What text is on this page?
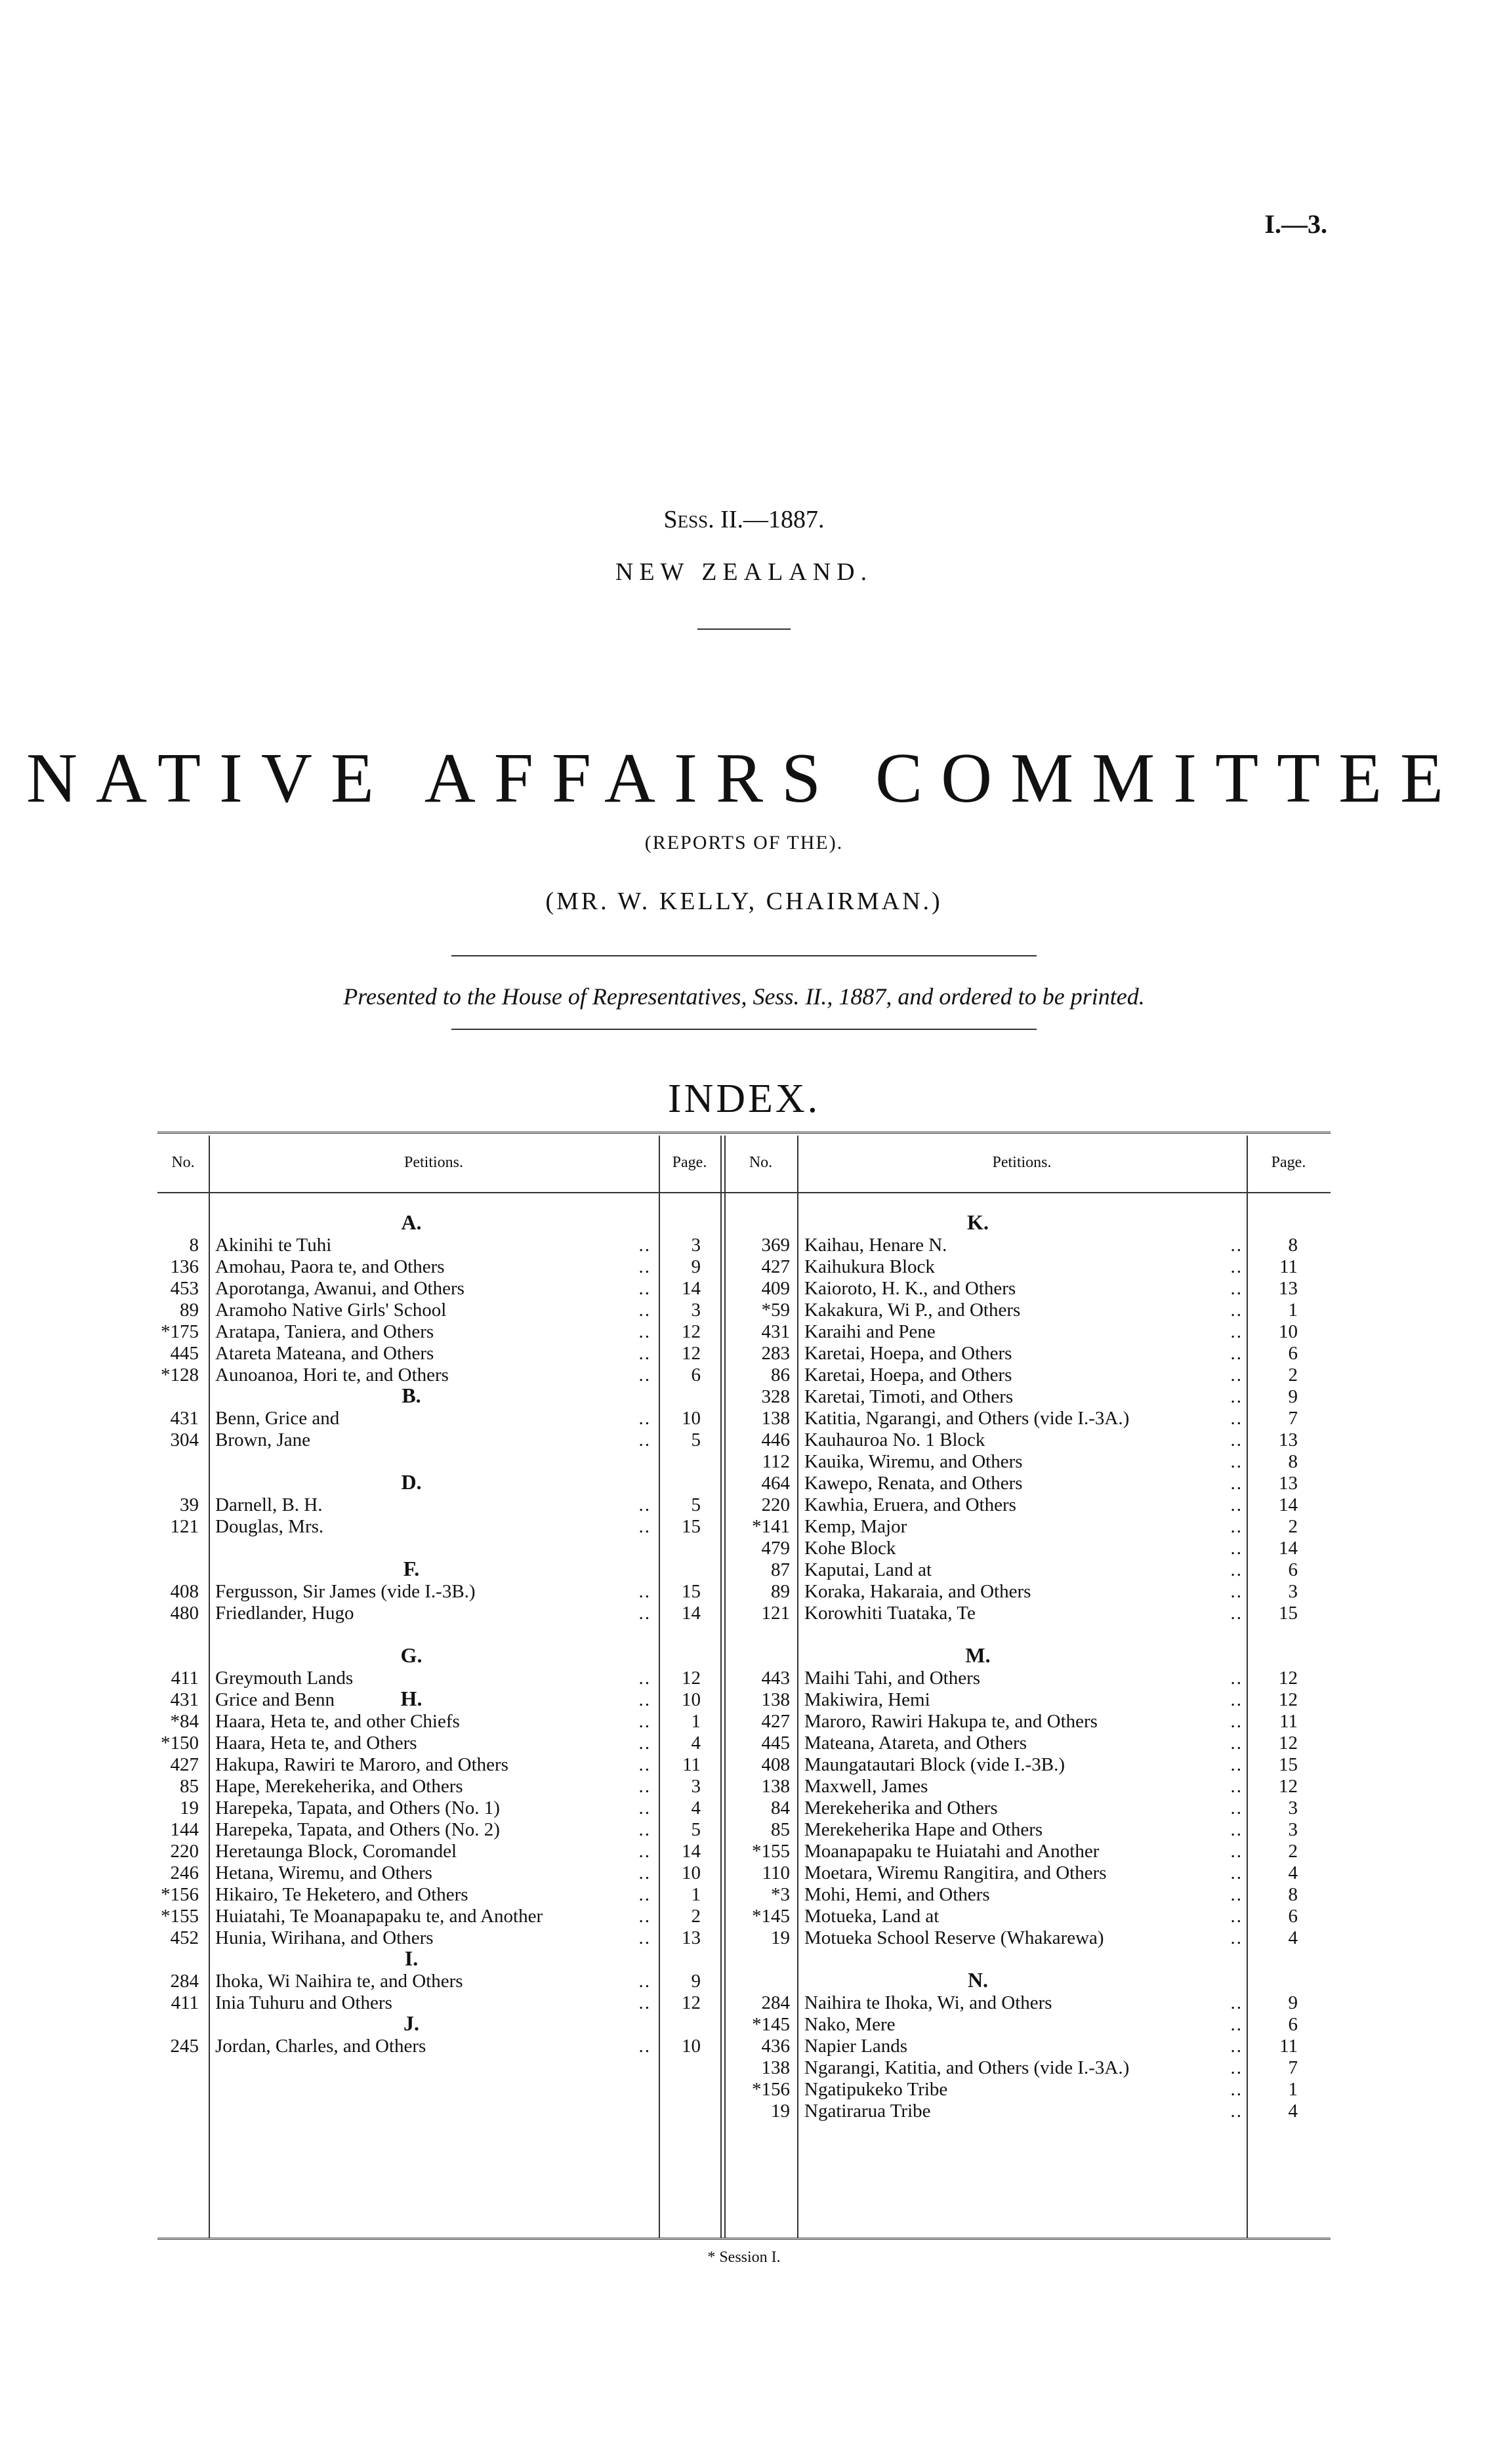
I.—3.
Sess. II.—1887.
NEW ZEALAND.
NATIVE AFFAIRS COMMITTEE
(REPORTS OF THE).
(MR. W. KELLY, CHAIRMAN.)
Presented to the House of Representatives, Sess. II., 1887, and ordered to be printed.
INDEX.
No.	Petitions.	Page.	No.	Petitions.	Page.
A.
8 Akinihi te Tuhi	..	3
136 Amohau, Paora te, and Others	..	9
453 Aporotanga, Awanui, and Others	..	14
89 Aramoho Native Girls' School	..	3
*175 Aratapa, Taniera, and Others	..	12
445 Atareta Mateana, and Others	..	12
*128 Aunoanoa, Hori te, and Others	..	6
B.
431 Benn, Grice and	..	10
304 Brown, Jane	..	5
D.
39 Darnell, B. H.	..	5
121 Douglas, Mrs.	..	15
F.
408 Fergusson, Sir James (vide I.-3B.)	..	15
480 Friedlander, Hugo	..	14
G.
411 Greymouth Lands	..	12
431 Grice and Benn	..	10
H.
*84 Haara, Heta te, and other Chiefs	..	1
*150 Haara, Heta te, and Others	..	4
427 Hakupa, Rawiri te Maroro, and Others	..	11
85 Hape, Merekeherika, and Others	..	3
19 Harepeka, Tapata, and Others (No. 1)	..	4
144 Harepeka, Tapata, and Others (No. 2)	..	5
220 Heretaunga Block, Coromandel	..	14
246 Hetana, Wiremu, and Others	..	10
*156 Hikairo, Te Heketero, and Others	..	1
*155 Huiatahi, Te Moanapapaku te, and Another	..	2
452 Hunia, Wirihana, and Others	..	13
I.
284 Ihoka, Wi Naihira te, and Others	..	9
411 Inia Tuhuru and Others	..	12
J.
245 Jordan, Charles, and Others	..	10
K.
369 Kaihau, Henare N.	..	8
427 Kaihukura Block	..	11
409 Kaioroto, H. K., and Others	..	13
*59 Kakakura, Wi P., and Others	..	1
431 Karaihi and Pene	..	10
283 Karetai, Hoepa, and Others	..	6
86 Karetai, Hoepa, and Others	..	2
328 Karetai, Timoti, and Others	..	9
138 Katitia, Ngarangi, and Others (vide I.-3A.)	..	7
446 Kauhauroa No. 1 Block	..	13
112 Kauika, Wiremu, and Others	..	8
464 Kawepo, Renata, and Others	..	13
220 Kawhia, Eruera, and Others	..	14
*141 Kemp, Major	..	2
479 Kohe Block	..	14
87 Kaputai, Land at	..	6
89 Koraka, Hakaraia, and Others	..	3
121 Korowhiti Tuataka, Te	..	15
M.
443 Maihi Tahi, and Others	..	12
138 Makiwira, Hemi	..	12
427 Maroro, Rawiri Hakupa te, and Others	..	11
445 Mateana, Atareta, and Others	..	12
408 Maungatautari Block (vide I.-3B.)	..	15
138 Maxwell, James	..	12
84 Merekeherika and Others	..	3
85 Merekeherika Hape and Others	..	3
*155 Moanapapaku te Huiatahi and Another	..	2
110 Moetara, Wiremu Rangitira, and Others	..	4
*3 Mohi, Hemi, and Others	..	8
*145 Motueka, Land at	..	6
19 Motueka School Reserve (Whakarewa)	..	4
N.
284 Naihira te Ihoka, Wi, and Others	..	9
*145 Nako, Mere	..	6
436 Napier Lands	..	11
138 Ngarangi, Katitia, and Others (vide I.-3A.)	..	7
*156 Ngatipukeko Tribe	..	1
19 Ngatirarua Tribe	..	4
* Session I.
